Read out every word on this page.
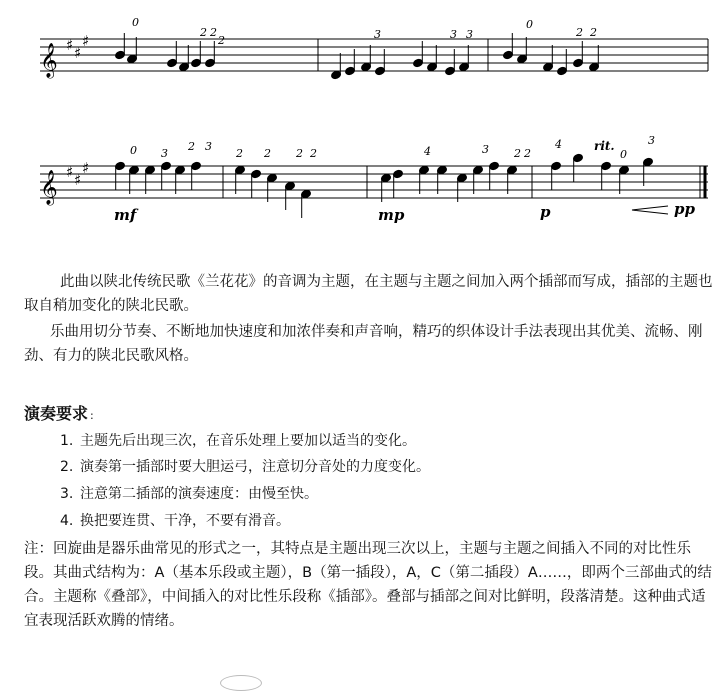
𝄞 ♯ ♯
♯
𝄞 ♯ ♯
♯
0
2 2	3	3 3
0
2 2
2
0 3
2 3
2 2 2 2	4	3 2 2
4
0
3
mf	mp	p	pp
rit.

此曲以陕北传统民歌《兰花花》的音调为主题，在主题与主题之间加入两个插部而写成，插部的主题也取自稍加变化的陕北民歌。

乐曲用切分节奏、不断地加快速度和加浓伴奏和声音响，精巧的织体设计手法表现出其优美、流畅、刚劲、有力的陕北民歌风格。

演奏要求 :
1. 主题先后出现三次，在音乐处理上要加以适当的变化。
2. 演奏第一插部时要大胆运弓，注意切分音处的力度变化。
3. 注意第二插部的演奏速度：由慢至快。
4. 换把要连贯、干净，不要有滑音。

注：回旋曲是器乐曲常见的形式之一，其特点是主题出现三次以上，主题与主题之间插入不同的对比性乐段。其曲式结构为：A（基本乐段或主题），B（第一插段），A，C（第二插段）A……，即两个三部曲式的结合。主题称《叠部》，中间插入的对比性乐段称《插部》。叠部与插部之间对比鲜明，段落清楚。这种曲式适宜表现活跃欢腾的情绪。
